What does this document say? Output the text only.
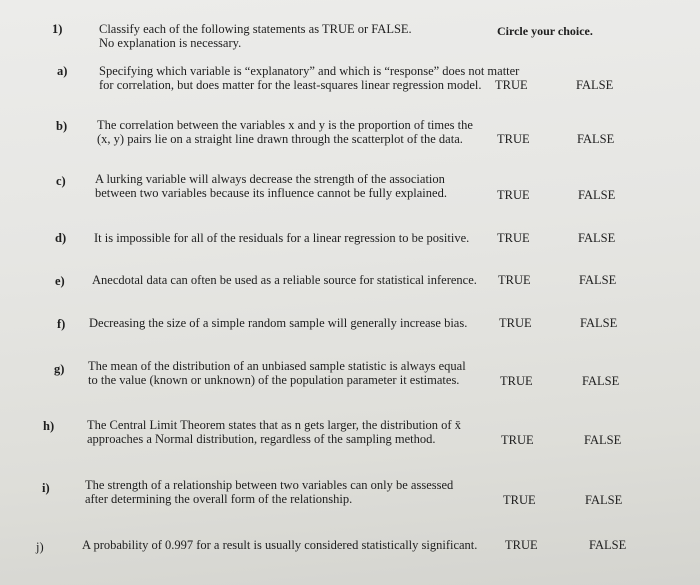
1)	Classify each of the following statements as TRUE or FALSE.
No explanation is necessary.
Circle your choice.
a)	Specifying which variable is “explanatory” and which is “response” does not matter
for correlation, but does matter for the least-squares linear regression model. TRUE	FALSE
b) The correlation between the variables x and y is the proportion of times the
(x, y) pairs lie on a straight line drawn through the scatterplot of the data.	TRUE	FALSE
c) A lurking variable will always decrease the strength of the association
between two variables because its influence cannot be fully explained.	TRUE	FALSE
d) It is impossible for all of the residuals for a linear regression to be positive. TRUE	FALSE
e) Anecdotal data can often be used as a reliable source for statistical inference. TRUE	FALSE
f) Decreasing the size of a simple random sample will generally increase bias.	TRUE	FALSE
g) The mean of the distribution of an unbiased sample statistic is always equal
to the value (known or unknown) of the population parameter it estimates.	TRUE	FALSE
h)	The Central Limit Theorem states that as n gets larger, the distribution of x̄
approaches a Normal distribution, regardless of the sampling method.	TRUE	FALSE
i)	The strength of a relationship between two variables can only be assessed
after determining the overall form of the relationship.	TRUE	FALSE
j)	A probability of 0.997 for a result is usually considered statistically significant. TRUE	FALSE
